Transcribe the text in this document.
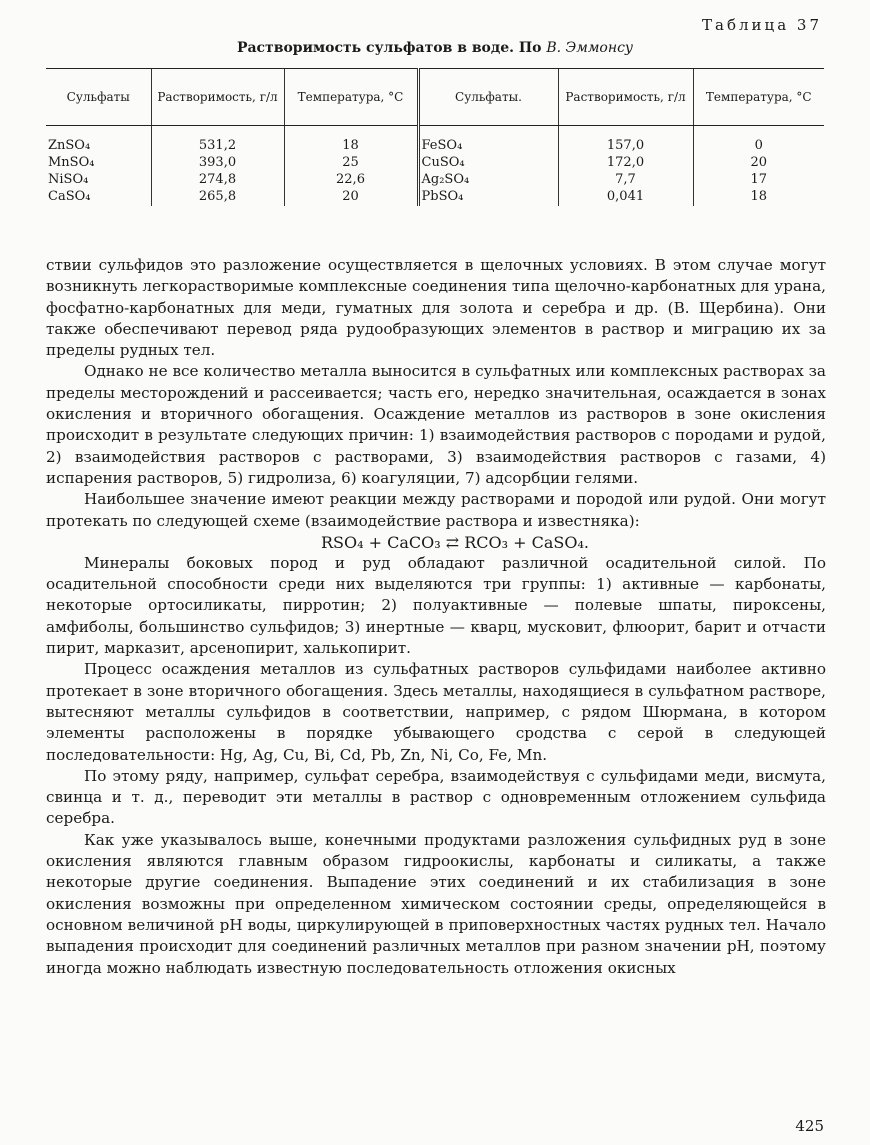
Таблица 37
Растворимость сульфатов в воде. По В. Эммонсу
Сульфаты	Растворимость, г/л	Температура, °C	Сульфаты.	Растворимость, г/л	Температура, °C
ZnSO₄	531,2	18	FeSO₄	157,0	0
MnSO₄	393,0	25	CuSO₄	172,0	20
NiSO₄	274,8	22,6	Ag₂SO₄	7,7	17
CaSO₄	265,8	20	PbSO₄	0,041	18

ствии сульфидов это разложение осуществляется в щелочных условиях. В этом случае могут возникнуть легкорастворимые комплексные соединения типа щелочно-карбонатных для урана, фосфатно-карбонатных для меди, гуматных для золота и серебра и др. (В. Щербина). Они также обеспечивают перевод ряда рудообразующих элементов в раствор и миграцию их за пределы рудных тел.

Однако не все количество металла выносится в сульфатных или комплексных растворах за пределы месторождений и рассеивается; часть его, нередко значительная, осаждается в зонах окисления и вторичного обогащения. Осаждение металлов из растворов в зоне окисления происходит в результате следующих причин: 1) взаимодействия растворов с породами и рудой, 2) взаимодействия растворов с растворами, 3) взаимодействия растворов с газами, 4) испарения растворов, 5) гидролиза, 6) коагуляции, 7) адсорбции гелями.

Наибольшее значение имеют реакции между растворами и породой или рудой. Они могут протекать по следующей схеме (взаимодействие раствора и известняка):

RSO₄ + CaCO₃ ⇄ RCO₃ + CaSO₄.

Минералы боковых пород и руд обладают различной осадительной силой. По осадительной способности среди них выделяются три группы: 1) активные — карбонаты, некоторые ортосиликаты, пирротин; 2) полуактивные — полевые шпаты, пироксены, амфиболы, большинство сульфидов; 3) инертные — кварц, мусковит, флюорит, барит и отчасти пирит, марказит, арсенопирит, халькопирит.

Процесс осаждения металлов из сульфатных растворов сульфидами наиболее активно протекает в зоне вторичного обогащения. Здесь металлы, находящиеся в сульфатном растворе, вытесняют металлы сульфидов в соответствии, например, с рядом Шюрмана, в котором элементы расположены в порядке убывающего сродства с серой в следующей последовательности: Hg, Ag, Cu, Bi, Cd, Pb, Zn, Ni, Co, Fe, Mn.

По этому ряду, например, сульфат серебра, взаимодействуя с сульфидами меди, висмута, свинца и т. д., переводит эти металлы в раствор с одновременным отложением сульфида серебра.

Как уже указывалось выше, конечными продуктами разложения сульфидных руд в зоне окисления являются главным образом гидроокислы, карбонаты и силикаты, а также некоторые другие соединения. Выпадение этих соединений и их стабилизация в зоне окисления возможны при определенном химическом состоянии среды, определяющейся в основном величиной pH воды, циркулирующей в приповерхностных частях рудных тел. Начало выпадения происходит для соединений различных металлов при разном значении pH, поэтому иногда можно наблюдать известную последовательность отложения окисных

425
